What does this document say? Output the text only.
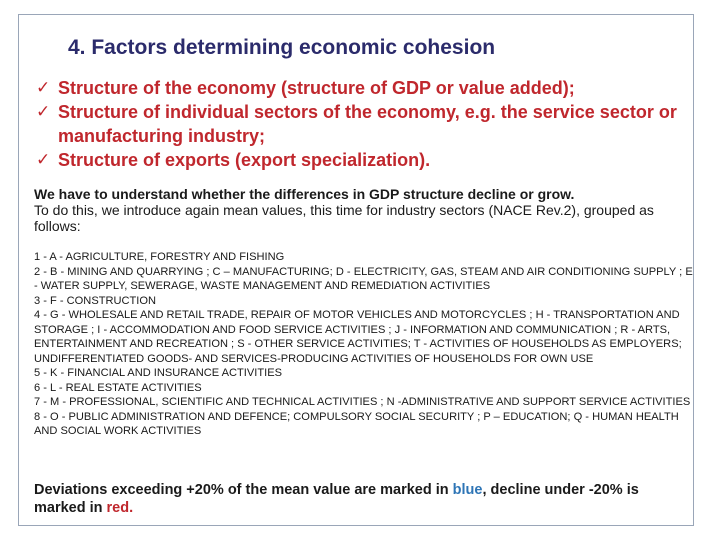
4. Factors determining economic cohesion
✓ Structure of the economy (structure of GDP or value added);
✓ Structure of individual sectors of the economy, e.g. the service sector or manufacturing industry;
✓ Structure of exports (export specialization).
We have to understand whether the differences in GDP structure decline or grow.
To do this, we introduce again mean values, this time for industry sectors (NACE Rev.2), grouped as follows:
1 - A - AGRICULTURE, FORESTRY AND FISHING
2 - B - MINING AND QUARRYING ; C – MANUFACTURING; D - ELECTRICITY, GAS, STEAM AND AIR CONDITIONING SUPPLY ; E - WATER SUPPLY, SEWERAGE, WASTE MANAGEMENT AND REMEDIATION ACTIVITIES
3 - F - CONSTRUCTION
4 - G - WHOLESALE AND RETAIL TRADE, REPAIR OF MOTOR VEHICLES AND MOTORCYCLES ; H - TRANSPORTATION AND STORAGE ; I - ACCOMMODATION AND FOOD SERVICE ACTIVITIES ; J - INFORMATION AND COMMUNICATION ; R - ARTS, ENTERTAINMENT AND RECREATION ; S - OTHER SERVICE ACTIVITIES; T - ACTIVITIES OF HOUSEHOLDS AS EMPLOYERS; UNDIFFERENTIATED GOODS- AND SERVICES-PRODUCING ACTIVITIES OF HOUSEHOLDS FOR OWN USE
5 - K - FINANCIAL AND INSURANCE ACTIVITIES
6 - L - REAL ESTATE ACTIVITIES
7 - M - PROFESSIONAL, SCIENTIFIC AND TECHNICAL ACTIVITIES ; N -ADMINISTRATIVE AND SUPPORT SERVICE ACTIVITIES
8 - O - PUBLIC ADMINISTRATION AND DEFENCE; COMPULSORY SOCIAL SECURITY ; P – EDUCATION; Q - HUMAN HEALTH AND SOCIAL WORK ACTIVITIES
Deviations exceeding +20% of the mean value are marked in blue, decline under -20% is marked in red.
